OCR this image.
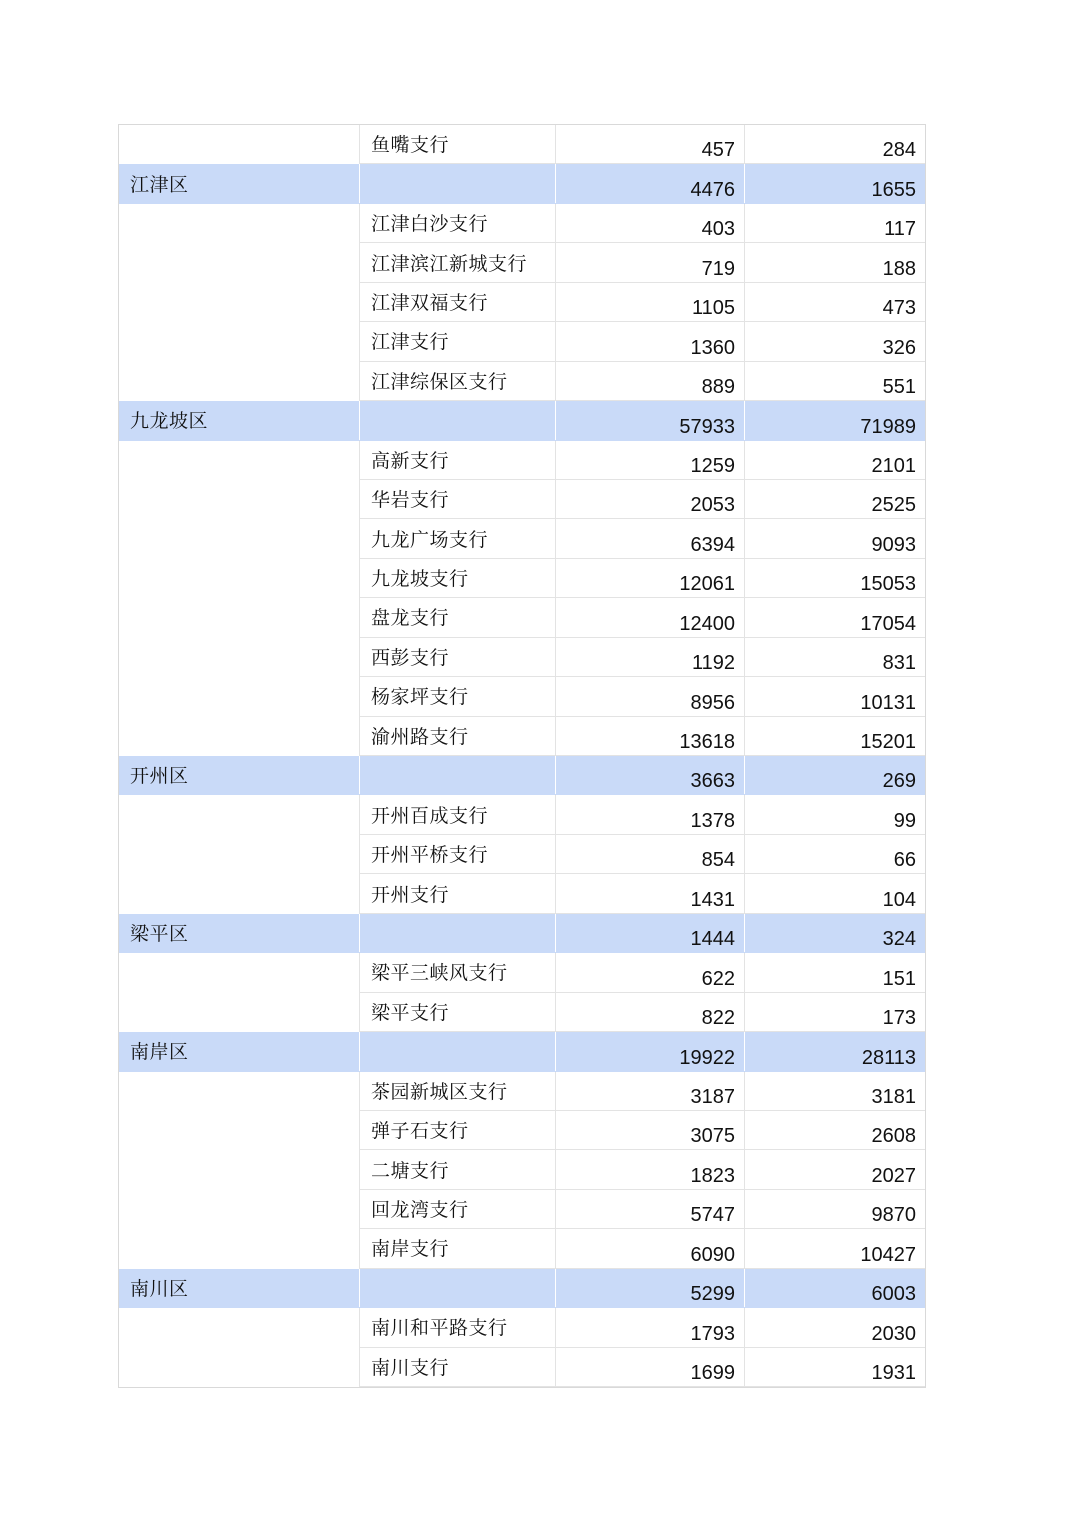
鱼嘴支行	457	284
江津区	4476	1655
江津白沙支行	403	117
江津滨江新城支行	719	188
江津双福支行	1105	473
江津支行	1360	326
江津综保区支行	889	551
九龙坡区	57933	71989
高新支行	1259	2101
华岩支行	2053	2525
九龙广场支行	6394	9093
九龙坡支行	12061	15053
盘龙支行	12400	17054
西彭支行	1192	831
杨家坪支行	8956	10131
渝州路支行	13618	15201
开州区	3663	269
开州百成支行	1378	99
开州平桥支行	854	66
开州支行	1431	104
梁平区	1444	324
梁平三峡风支行	622	151
梁平支行	822	173
南岸区	19922	28113
茶园新城区支行	3187	3181
弹子石支行	3075	2608
二塘支行	1823	2027
回龙湾支行	5747	9870
南岸支行	6090	10427
南川区	5299	6003
南川和平路支行	1793	2030
南川支行	1699	1931
